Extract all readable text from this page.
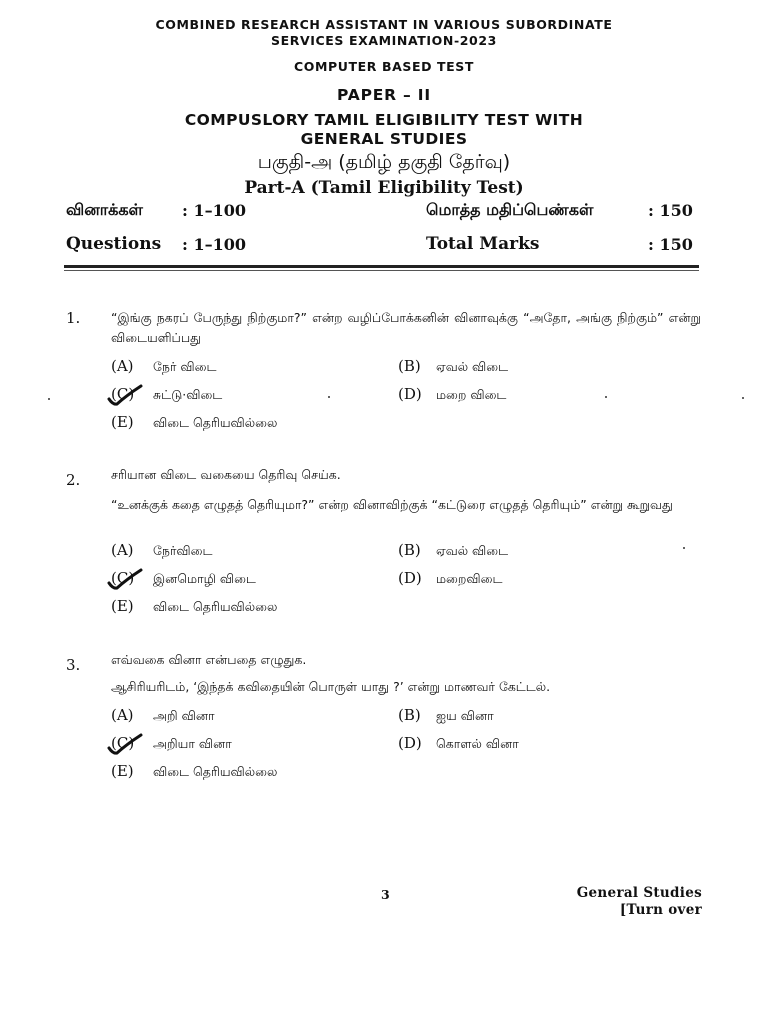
COMBINED RESEARCH ASSISTANT IN VARIOUS SUBORDINATE
SERVICES EXAMINATION-2023
COMPUTER BASED TEST
PAPER – II
COMPUSLORY TAMIL ELIGIBILITY TEST WITH
GENERAL STUDIES
பகுதி-அ (தமிழ் தகுதி தேர்வு)
Part-A (Tamil Eligibility Test)
வினாக்கள் : 1–100	மொத்த மதிப்பெண்கள்	: 150
Questions : 1–100	Total Marks	: 150
1. “இங்கு நகரப் பேருந்து நிற்குமா?” என்ற வழிப்போக்கனின் வினாவுக்கு “அதோ, அங்கு நிற்கும்” என்று விடையளிப்பது
(A) நேர் விடை	(B) ஏவல் விடை
(C) சுட்டு·விடை	(D) மறை விடை
(E) விடை தெரியவில்லை
2. சரியான விடை வகையை தெரிவு செய்க.
“உனக்குக் கதை எழுதத் தெரியுமா?” என்ற வினாவிற்குக் “கட்டுரை எழுதத் தெரியும்” என்று கூறுவது
(A) நேர்விடை	(B) ஏவல் விடை
(C) இனமொழி விடை	(D) மறைவிடை
(E) விடை தெரியவில்லை
3. எவ்வகை வினா என்பதை எழுதுக.
ஆசிரியரிடம், ‘இந்தக் கவிதையின் பொருள் யாது ?’ என்று மாணவர் கேட்டல்.
(A) அறி வினா	(B) ஐய வினா
(C) அறியா வினா	(D) கொளல் வினா
(E) விடை தெரியவில்லை
3	General Studies
[Turn over
